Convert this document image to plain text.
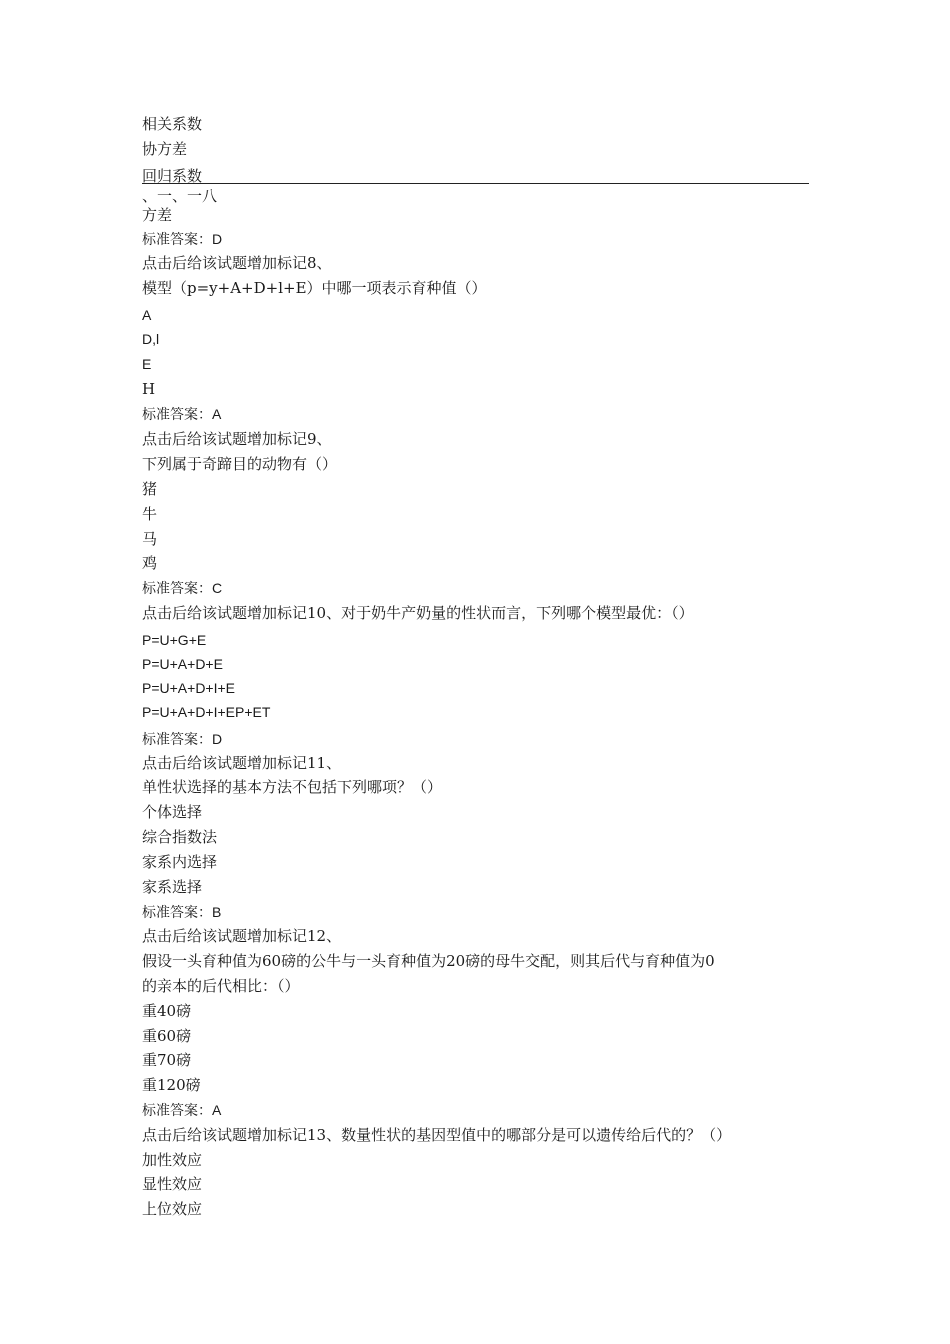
相关系数
协方差
回归系数
、一、一八
方差
标准答案：D
点击后给该试题增加标记8、
模型（p=y+A+D+l+E）中哪一项表示育种值（）
A
D,l
E
H
标准答案：A
点击后给该试题增加标记9、
下列属于奇蹄目的动物有（）
猪
牛
马
鸡
标准答案：C
点击后给该试题增加标记10、对于奶牛产奶量的性状而言，下列哪个模型最优：（）
P=U+G+E
P=U+A+D+E
P=U+A+D+I+E
P=U+A+D+I+EP+ET
标准答案：D
点击后给该试题增加标记11、
单性状选择的基本方法不包括下列哪项？（）
个体选择
综合指数法
家系内选择
家系选择
标准答案：B
点击后给该试题增加标记12、
假设一头育种值为60磅的公牛与一头育种值为20磅的母牛交配，则其后代与育种值为0
的亲本的后代相比：（）
重40磅
重60磅
重70磅
重120磅
标准答案：A
点击后给该试题增加标记13、数量性状的基因型值中的哪部分是可以遗传给后代的？（）
加性效应
显性效应
上位效应
